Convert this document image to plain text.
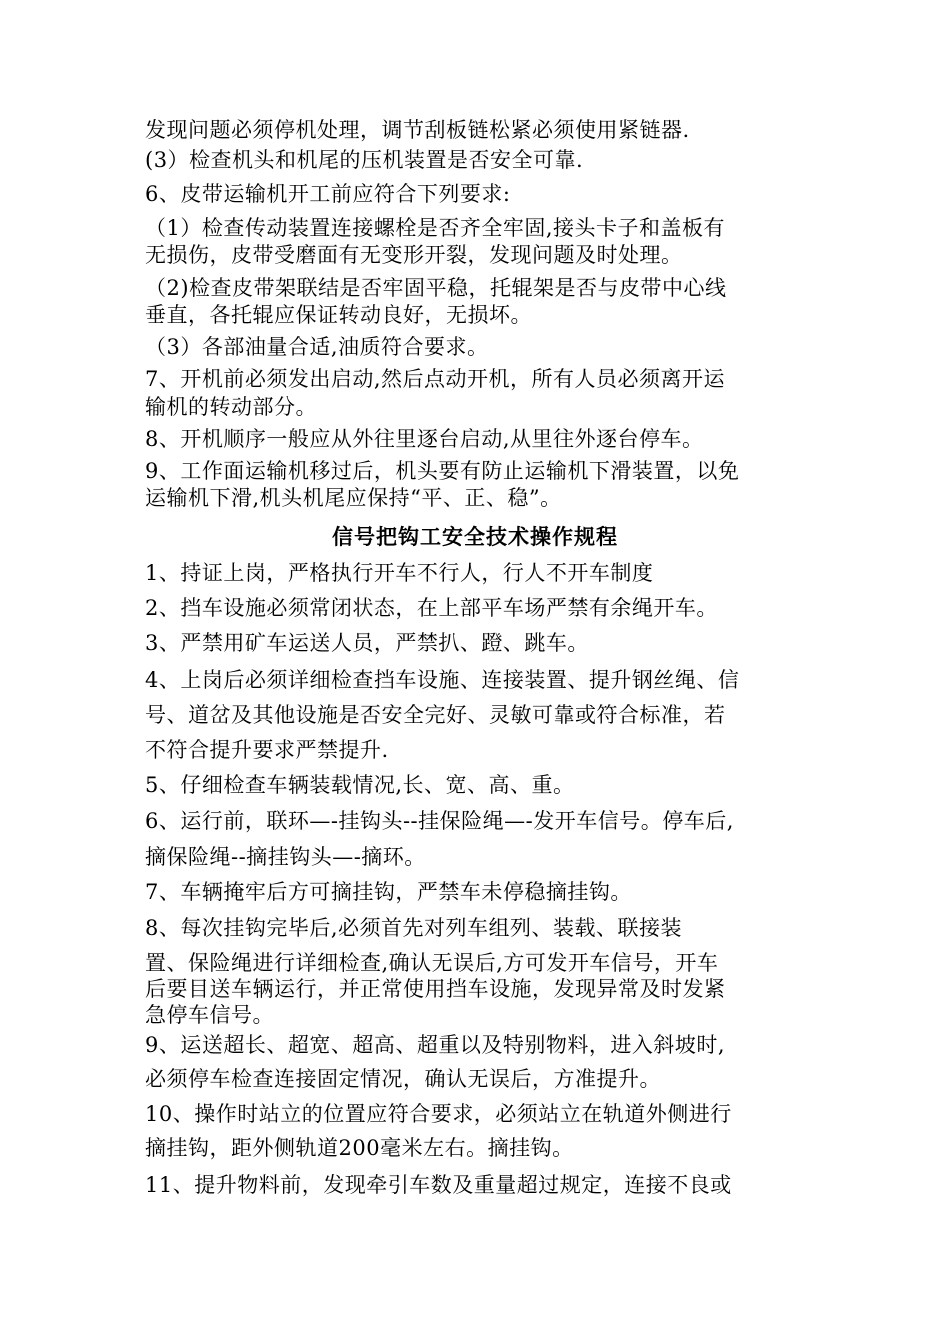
发现问题必须停机处理，调节刮板链松紧必须使用紧链器.
(3）检查机头和机尾的压机装置是否安全可靠.
6、皮带运输机开工前应符合下列要求:
（1）检查传动装置连接螺栓是否齐全牢固,接头卡子和盖板有
无损伤，皮带受磨面有无变形开裂，发现问题及时处理。
（2)检查皮带架联结是否牢固平稳，托辊架是否与皮带中心线
垂直，各托辊应保证转动良好，无损坏。
（3）各部油量合适,油质符合要求。
7、开机前必须发出启动,然后点动开机，所有人员必须离开运
输机的转动部分。
8、开机顺序一般应从外往里逐台启动,从里往外逐台停车。
9、工作面运输机移过后，机头要有防止运输机下滑装置，以免
运输机下滑,机头机尾应保持“平、正、稳”。
信号把钩工安全技术操作规程
1、持证上岗，严格执行开车不行人，行人不开车制度
2、挡车设施必须常闭状态，在上部平车场严禁有余绳开车。
3、严禁用矿车运送人员，严禁扒、蹬、跳车。
4、上岗后必须详细检查挡车设施、连接装置、提升钢丝绳、信
号、道岔及其他设施是否安全完好、灵敏可靠或符合标准，若
不符合提升要求严禁提升.
5、仔细检查车辆装载情况,长、宽、高、重。
6、运行前，联环—-挂钩头--挂保险绳—-发开车信号。停车后,
摘保险绳--摘挂钩头—-摘环。
7、车辆掩牢后方可摘挂钩，严禁车未停稳摘挂钩。
8、每次挂钩完毕后,必须首先对列车组列、装载、联接装
置、保险绳进行详细检查,确认无误后,方可发开车信号，开车
后要目送车辆运行，并正常使用挡车设施，发现异常及时发紧
急停车信号。
9、运送超长、超宽、超高、超重以及特别物料，进入斜坡时,
必须停车检查连接固定情况，确认无误后，方准提升。
10、操作时站立的位置应符合要求，必须站立在轨道外侧进行
摘挂钩，距外侧轨道200毫米左右。摘挂钩。
11、提升物料前，发现牵引车数及重量超过规定，连接不良或
